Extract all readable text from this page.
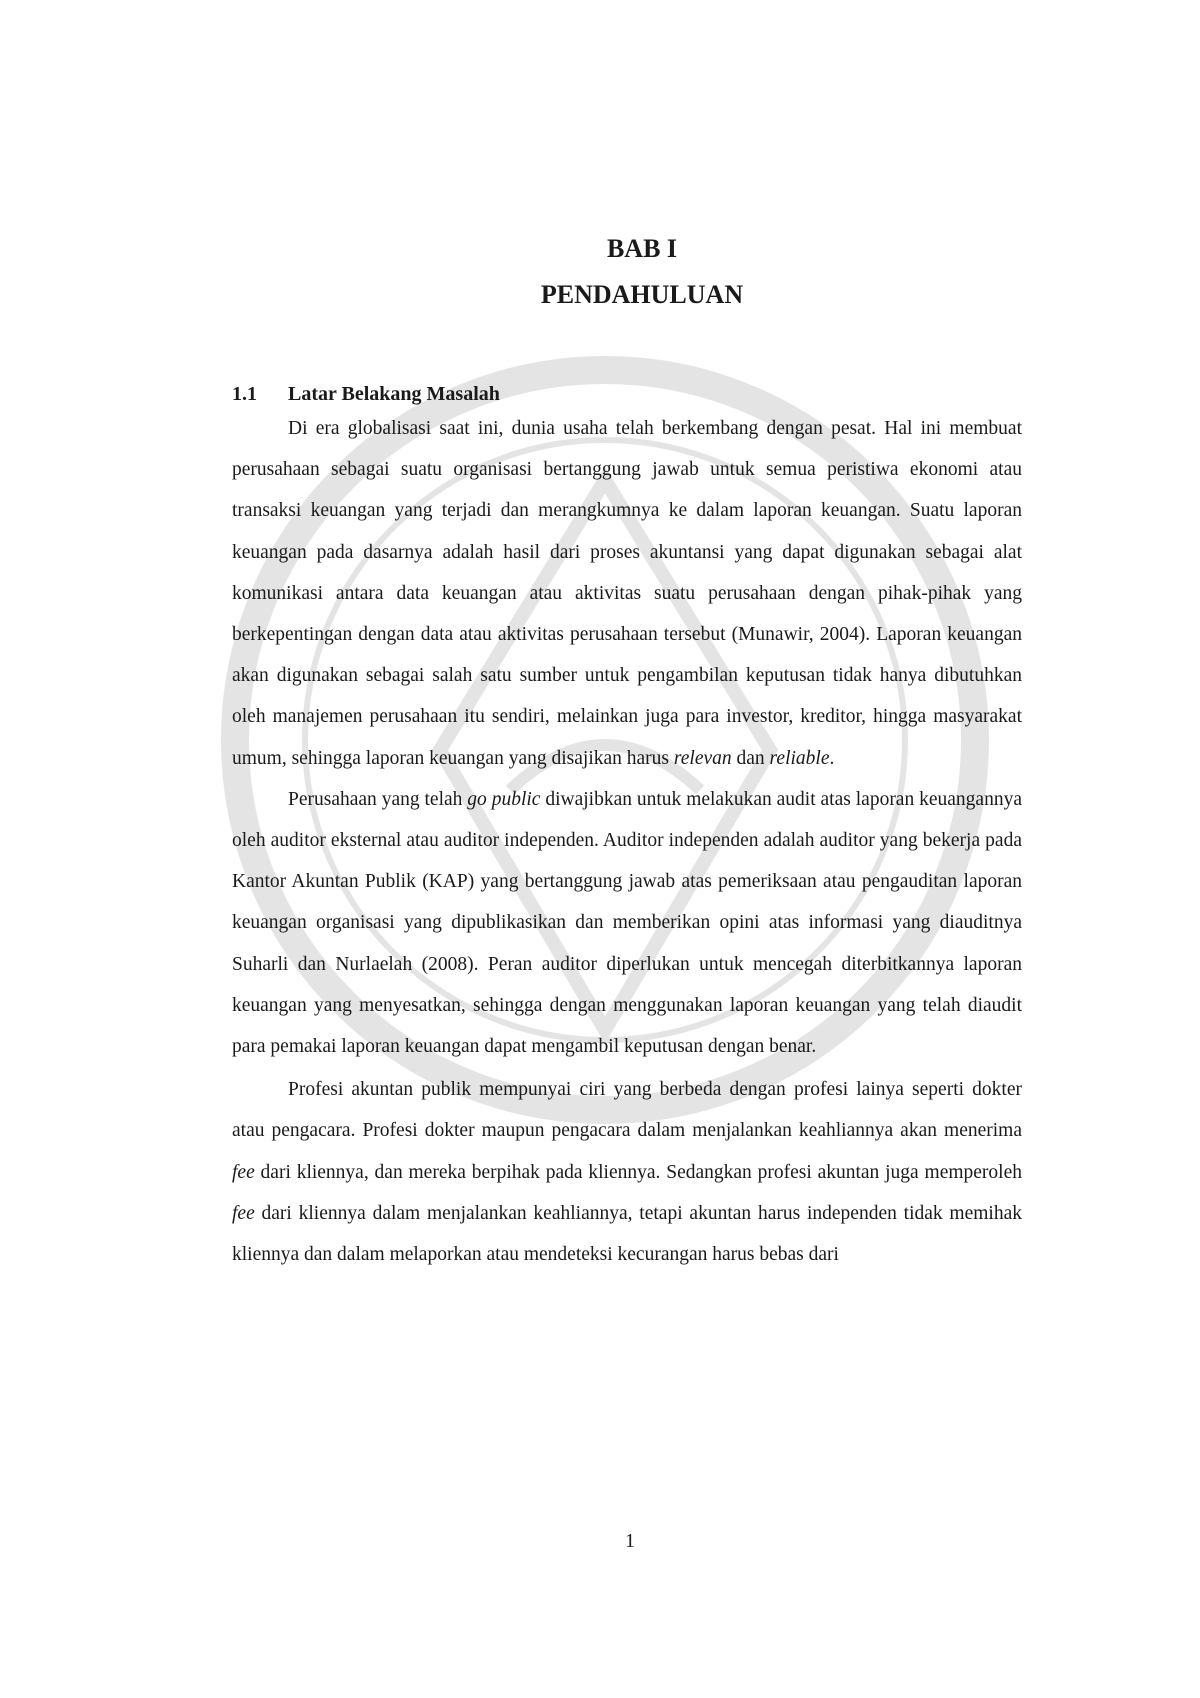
BAB I
PENDAHULUAN
1.1	Latar Belakang Masalah

Di era globalisasi saat ini, dunia usaha telah berkembang dengan pesat. Hal ini membuat perusahaan sebagai suatu organisasi bertanggung jawab untuk semua peristiwa ekonomi atau transaksi keuangan yang terjadi dan merangkumnya ke dalam laporan keuangan. Suatu laporan keuangan pada dasarnya adalah hasil dari proses akuntansi yang dapat digunakan sebagai alat komunikasi antara data keuangan atau aktivitas suatu perusahaan dengan pihak-pihak yang berkepentingan dengan data atau aktivitas perusahaan tersebut (Munawir, 2004). Laporan keuangan akan digunakan sebagai salah satu sumber untuk pengambilan keputusan tidak hanya dibutuhkan oleh manajemen perusahaan itu sendiri, melainkan juga para investor, kreditor, hingga masyarakat umum, sehingga laporan keuangan yang disajikan harus relevan dan reliable.

Perusahaan yang telah go public diwajibkan untuk melakukan audit atas laporan keuangannya oleh auditor eksternal atau auditor independen. Auditor independen adalah auditor yang bekerja pada Kantor Akuntan Publik (KAP) yang bertanggung jawab atas pemeriksaan atau pengauditan laporan keuangan organisasi yang dipublikasikan dan memberikan opini atas informasi yang diauditnya Suharli dan Nurlaelah (2008). Peran auditor diperlukan untuk mencegah diterbitkannya laporan keuangan yang menyesatkan, sehingga dengan menggunakan laporan keuangan yang telah diaudit para pemakai laporan keuangan dapat mengambil keputusan dengan benar.

Profesi akuntan publik mempunyai ciri yang berbeda dengan profesi lainya seperti dokter atau pengacara. Profesi dokter maupun pengacara dalam menjalankan keahliannya akan menerima fee dari kliennya, dan mereka berpihak pada kliennya. Sedangkan profesi akuntan juga memperoleh fee dari kliennya dalam menjalankan keahliannya, tetapi akuntan harus independen tidak memihak kliennya dan dalam melaporkan atau mendeteksi kecurangan harus bebas dari

1
